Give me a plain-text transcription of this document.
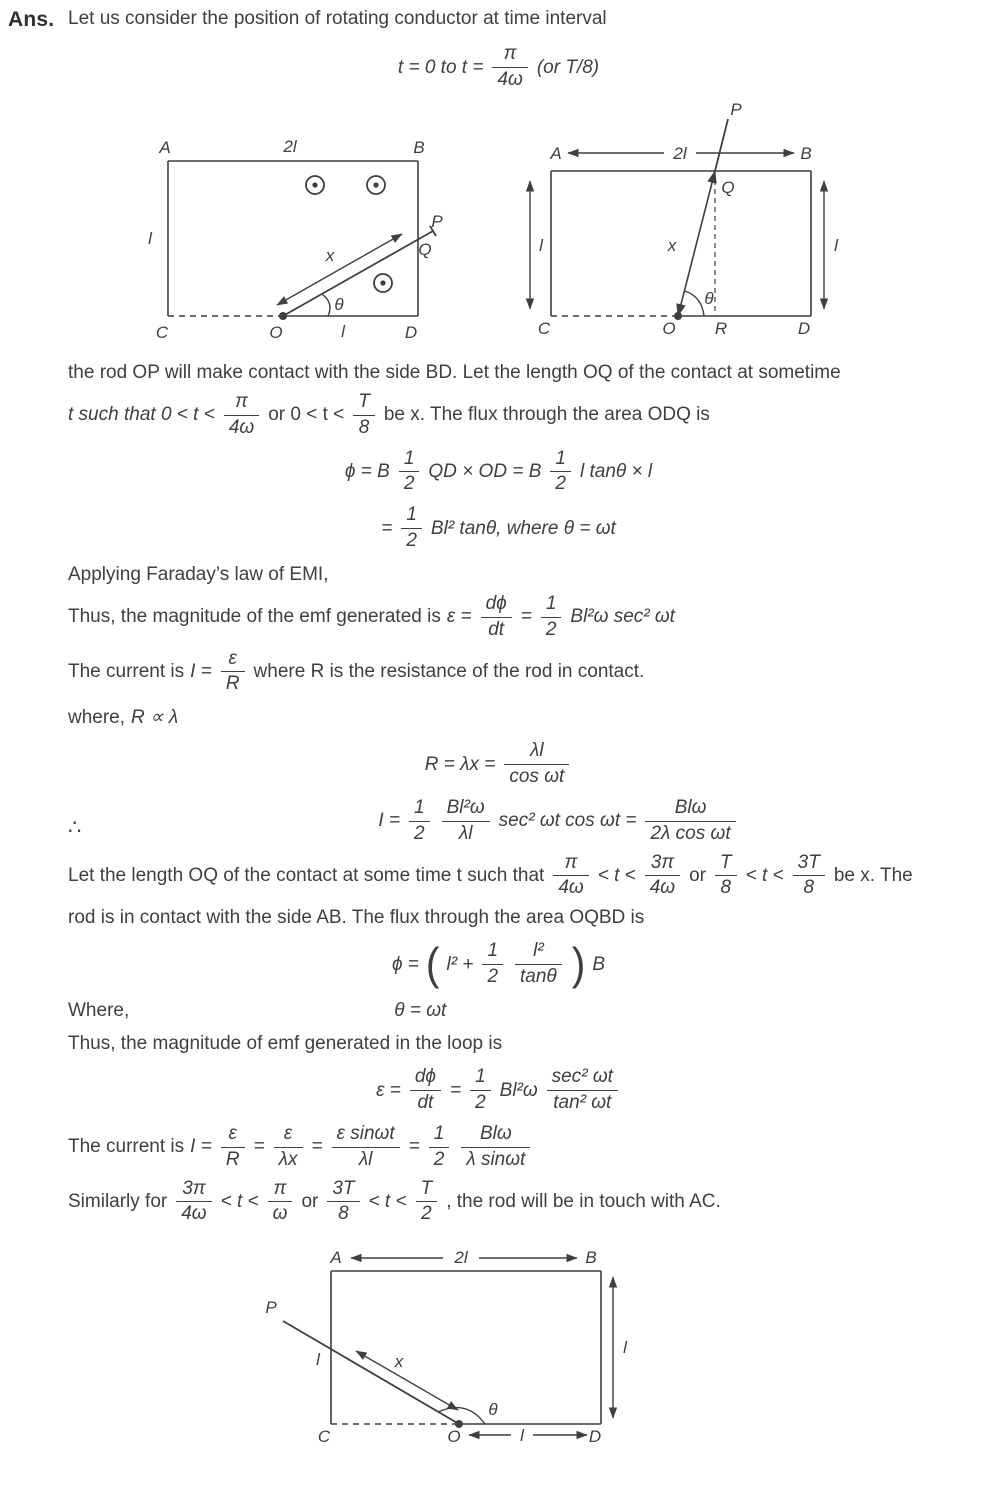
Ans. Let us consider the position of rotating conductor at time interval
t = 0 to $t = \frac{\pi}{4\omega} (or$ T/8)
A	B
2l
l
C	D
O	l
P
Q
x
θ
A	B
2l
l	l
P
Q
R
O
C	D
x
θ
the rod OP will make contact with the side BD. Let the length OQ of the contact at sometime
t such that $0 < t < \frac{\pi}{4\omega}$ or $0 < t < \frac{T}{8}$ be x. The flux through the area ODQ is
ϕ = B $\frac{1}{2}$ QD × OD = B $\frac{1}{2}$ l tanθ × l
= $\frac{1}{2} Bl^2$ tanθ, where θ = ωt
Applying Faraday’s law of EMI,
Thus, the magnitude of the emf generated is $\varepsilon = \frac{d\phi}{dt} = \frac{1}{2} Bl^2\omega$ sec² ωt
The current is $I = \frac{\varepsilon}{R}$ where R is the resistance of the rod in contact.
where, R ∝ λ
$R = \lambda x = \frac{\lambda l}{\text{cos ωt}}$
∴	$I = \frac{1}{2} \frac{\text{Bl²ω}}{\lambda l} \sec^2$ ωt $\cos \omega t = \frac{\text{Blω}}{\text{2λ cos ωt}}$
Let the length OQ of the contact at some time t such that $\frac{\pi}{4\omega} < t < \frac{3\pi}{4\omega}$ or $\frac{T}{8} < t < \frac{3T}{8}$ be x. The
rod is in contact with the side AB. The flux through the area OQBD is
ϕ = ( $l^2 + \frac{1}{2} \frac{\text{l²}}{\tan\theta}$ ) B
Where,	θ = ωt
Thus, the magnitude of emf generated in the loop is
$\varepsilon = \frac{d\phi}{dt} = \frac{1}{2} Bl^2\omega \frac{\text{sec² ωt}}{\text{tan² ωt}}$
The current is $I = \frac{\varepsilon}{R} = \frac{\varepsilon}{\lambda x} = \frac{\text{ε sinωt}}{\lambda l} = \frac{1}{2} \frac{\text{Blω}}{\text{λ sinωt}}$
Similarly for $\frac{3\pi}{4\omega} < t < \frac{\pi}{\omega}$ or $\frac{3T}{8} < t < \frac{T}{2}$ , the rod will be in touch with AC.
A	B
2l
l
P
l	x
θ
C	O	l	D
